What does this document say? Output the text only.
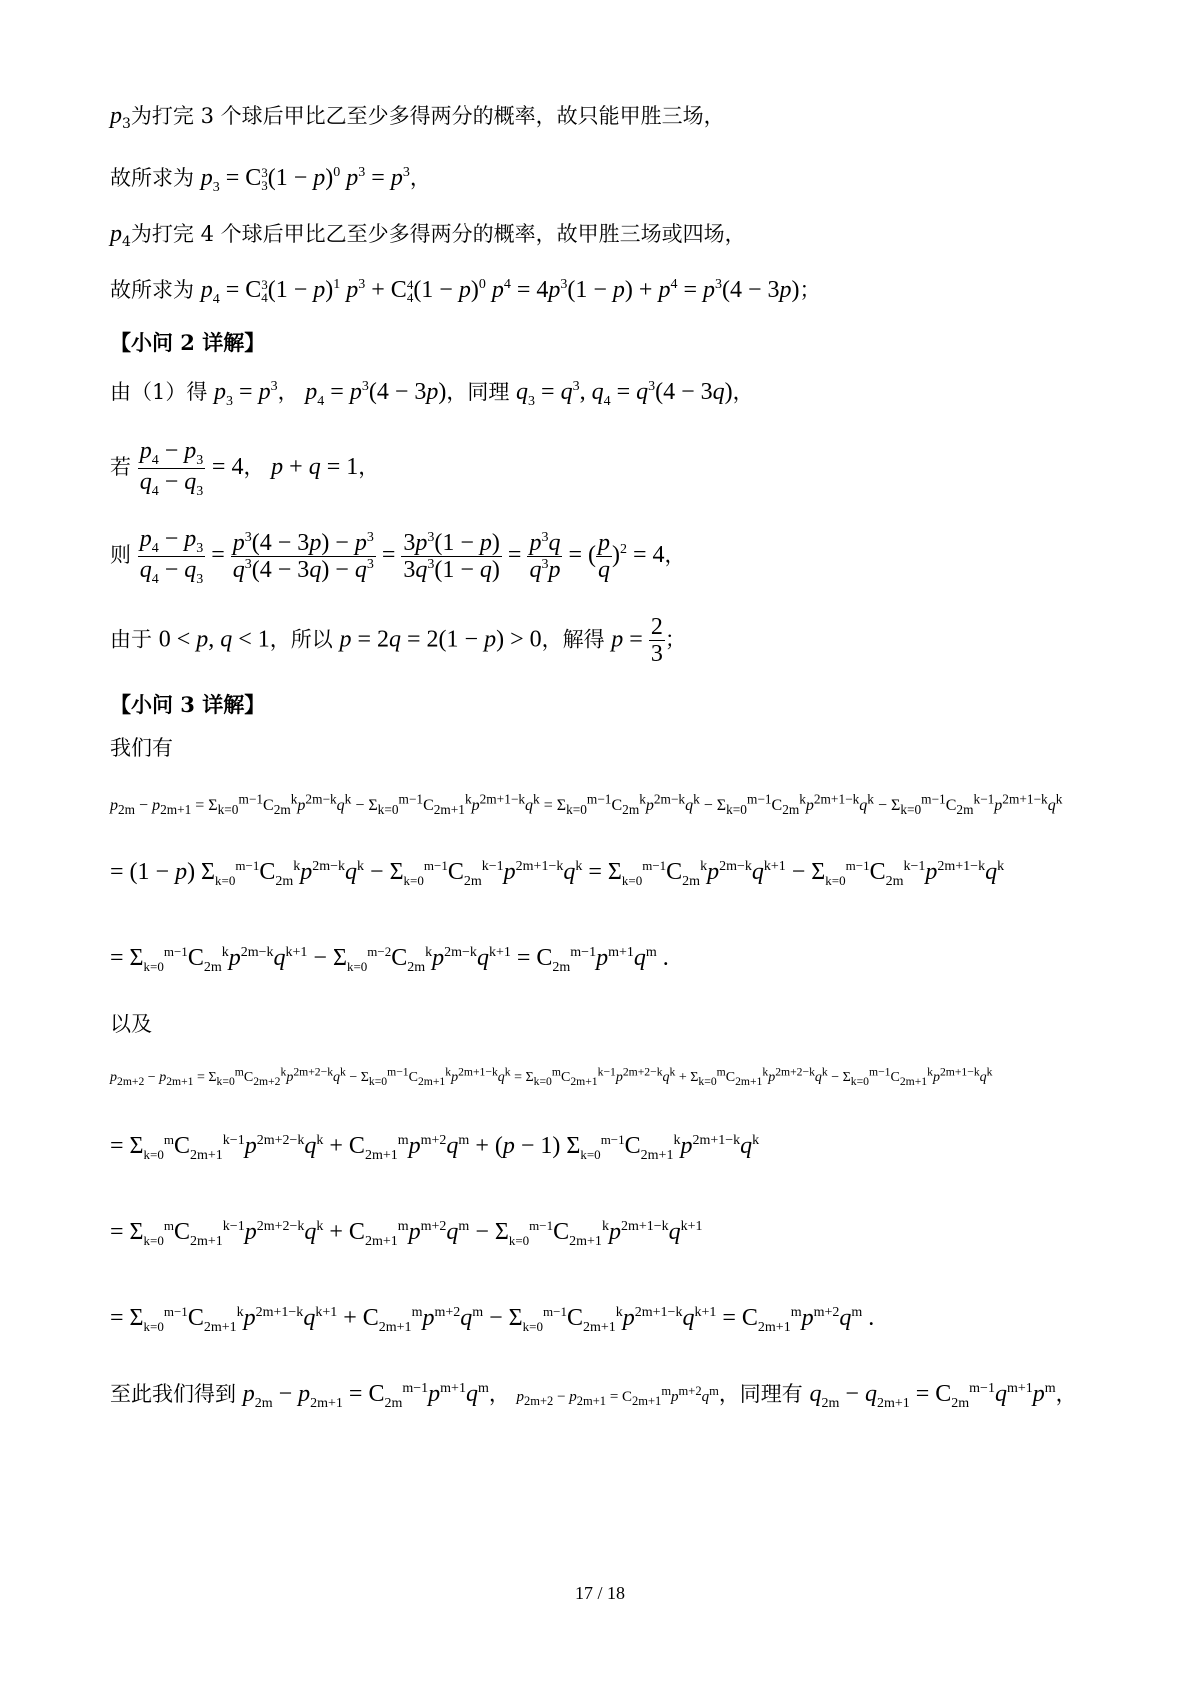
$p_3$为打完 3 个球后甲比乙至少多得两分的概率，故只能甲胜三场，
故所求为 $p_3 = C$ 3
3 $(1 - p)^0$ $p^3 = p^3$，
$p_4$为打完 4 个球后甲比乙至少多得两分的概率，故甲胜三场或四场，
故所求为 $p_4 = C$ 3
4 $(1 - p)^1$ $p^3 + C$ 4
4 $(1 - p)^0$ $p^4 = 4p^3(1 - p) + p^4 = p^3(4 - 3p)$；
【小问 2 详解】
由（1）得 $p_3 = p^3$， $p_4 = p^3(4 - 3p)$，同理 $q_3 = q^3$, $q_4 = q^3(4 - 3q)$，
若 $\frac{p_4 - p_3}{q_4 - q_3} = 4$， p + q = 1，
则 $\frac{p_4 - p_3}{q_4 - q_3} = \frac{p^3(4 - 3p) - p^3}{q^3(4 - 3q) - q^3} = \frac{3p^3(1 - p)}{3q^3(1 - q)} = \frac{p^3q}{q^3p}$ = ( $\frac{p}{q} )^2 = 4$，
由于 0 < p, q < 1，所以 p = 2q = 2(1 − p) > 0，解得 $p = \frac{2}{3}$ ；
【小问 3 详解】
我们有
$p_{2m} - p_{2m+1} = \Sigma_{k=0}^{m-1}C_{2m}^kp^{2m-k}q^k - \Sigma_{k=0}^{m-1}C_{2m+1}^kp^{2m+1-k}q^k = \Sigma_{k=0}^{m-1}C_{2m}^kp^{2m-k}q^k - \Sigma_{k=0}^{m-1}C_{2m}^kp^{2m+1-k}q^k - \Sigma_{k=0}^{m-1}C_{2m}^{k-1}p^{2m+1-k}q^k$
= (1 − p) $\Sigma_{k=0}^{m-1}C_{2m}^kp^{2m-k}q^k - \Sigma_{k=0}^{m-1}C_{2m}^{k-1}p^{2m+1-k}q^k = \Sigma_{k=0}^{m-1}C_{2m}^kp^{2m-k}q^{k+1} - \Sigma_{k=0}^{m-1}C_{2m}^{k-1}p^{2m+1-k}q^k$
= $\Sigma_{k=0}^{m-1}C_{2m}^kp^{2m-k}q^{k+1} - \Sigma_{k=0}^{m-2}C_{2m}^kp^{2m-k}q^{k+1} = C_{2m}^{m-1}p^{m+1}q^m$ .
以及
$p_{2m+2} - p_{2m+1} = \Sigma_{k=0}^mC_{2m+2}^kp^{2m+2-k}q^k - \Sigma_{k=0}^{m-1}C_{2m+1}^kp^{2m+1-k}q^k = \Sigma_{k=0}^mC_{2m+1}^{k-1}p^{2m+2-k}q^k + \Sigma_{k=0}^mC_{2m+1}^kp^{2m+2-k}q^k - \Sigma_{k=0}^{m-1}C_{2m+1}^kp^{2m+1-k}q^k$
= $\Sigma_{k=0}^mC_{2m+1}^{k-1}p^{2m+2-k}q^k + C_{2m+1}^mp^{m+2}q^m + (p - 1)$ $\Sigma_{k=0}^{m-1}C_{2m+1}^kp^{2m+1-k}q^k$
= $\Sigma_{k=0}^mC_{2m+1}^{k-1}p^{2m+2-k}q^k + C_{2m+1}^mp^{m+2}q^m - \Sigma_{k=0}^{m-1}C_{2m+1}^kp^{2m+1-k}q^{k+1}$
= $\Sigma_{k=0}^{m-1}C_{2m+1}^kp^{2m+1-k}q^{k+1} + C_{2m+1}^mp^{m+2}q^m - \Sigma_{k=0}^{m-1}C_{2m+1}^kp^{2m+1-k}q^{k+1} = C_{2m+1}^mp^{m+2}q^m$ .
至此我们得到 $p_{2m} - p_{2m+1} = C_{2m}^{m-1}p^{m+1}q^m$， $p_{2m+2} - p_{2m+1} = C_{2m+1}^mp^{m+2}q^m$，同理有 $q_{2m} - q_{2m+1} = C_{2m}^{m-1}q^{m+1}p^m$，
17 / 18
